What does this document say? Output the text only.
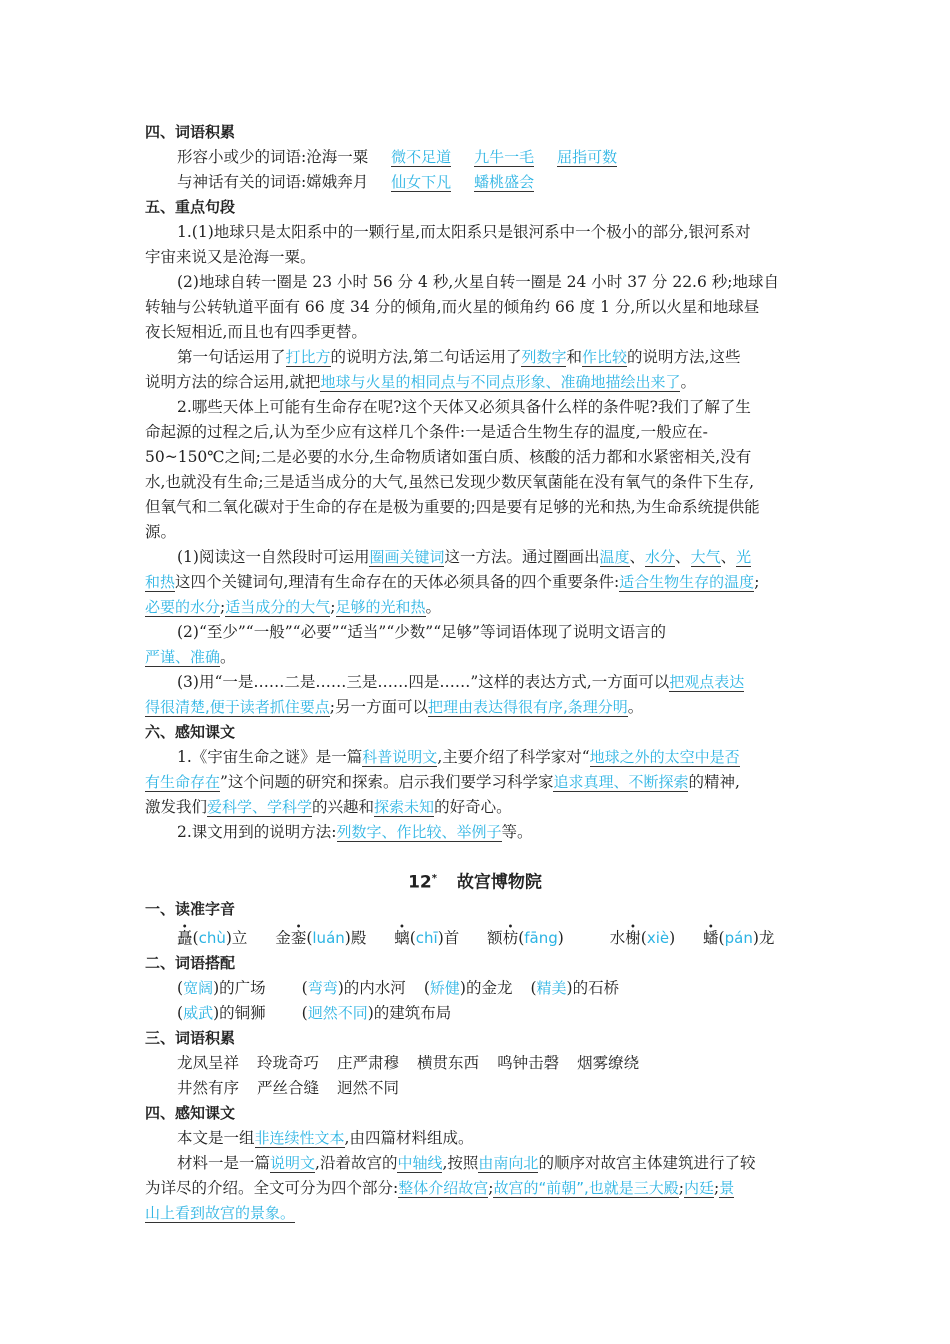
四、词语积累
形容小或少的词语:沧海一粟 微不足道 九牛一毛 屈指可数
与神话有关的词语:嫦娥奔月 仙女下凡 蟠桃盛会
五、重点句段
1.(1)地球只是太阳系中的一颗行星,而太阳系只是银河系中一个极小的部分,银河系对
宇宙来说又是沧海一粟。
(2)地球自转一圈是 23 小时 56 分 4 秒,火星自转一圈是 24 小时 37 分 22.6 秒;地球自
转轴与公转轨道平面有 66 度 34 分的倾角,而火星的倾角约 66 度 1 分,所以火星和地球昼
夜长短相近,而且也有四季更替。
第一句话运用了打比方的说明方法,第二句话运用了列数字和作比较的说明方法,这些
说明方法的综合运用,就把地球与火星的相同点与不同点形象、准确地描绘出来了。
2.哪些天体上可能有生命存在呢?这个天体又必须具备什么样的条件呢?我们了解了生
命起源的过程之后,认为至少应有这样几个条件:一是适合生物生存的温度,一般应在-
50~150℃之间;二是必要的水分,生命物质诸如蛋白质、核酸的活力都和水紧密相关,没有
水,也就没有生命;三是适当成分的大气,虽然已发现少数厌氧菌能在没有氧气的条件下生存,
但氧气和二氧化碳对于生命的存在是极为重要的;四是要有足够的光和热,为生命系统提供能
源。
(1)阅读这一自然段时可运用圈画关键词这一方法。通过圈画出温度、水分、大气、光
和热这四个关键词句,理清有生命存在的天体必须具备的四个重要条件:适合生物生存的温度;
必要的水分;适当成分的大气;足够的光和热。
(2)“至少”“一般”“必要”“适当”“少数”“足够”等词语体现了说明文语言的
严谨、准确。
(3)用“一是……二是……三是……四是……”这样的表达方式,一方面可以把观点表达
得很清楚,便于读者抓住要点;另一方面可以把理由表达得很有序,条理分明。
六、感知课文
1.《宇宙生命之谜》是一篇科普说明文,主要介绍了科学家对“地球之外的太空中是否
有生命存在”这个问题的研究和探索。启示我们要学习科学家追求真理、不断探索的精神,
激发我们爱科学、学科学的兴趣和探索未知的好奇心。
2.课文用到的说明方法:列数字、作比较、举例子等。
12* 故宫博物院
一、读准字音
矗(chù)立 金銮(luán)殿 螭(chī)首 额枋(fāng)	水榭(xiè) 蟠(pán)龙
二、词语搭配
(宽阔)的广场 (弯弯)的内水河 (矫健)的金龙 (精美)的石桥
(威武)的铜狮 (迥然不同)的建筑布局
三、词语积累
龙凤呈祥 玲珑奇巧 庄严肃穆 横贯东西 鸣钟击磬 烟雾缭绕
井然有序 严丝合缝 迥然不同
四、感知课文
本文是一组非连续性文本,由四篇材料组成。
材料一是一篇说明文,沿着故宫的中轴线,按照由南向北的顺序对故宫主体建筑进行了较
为详尽的介绍。全文可分为四个部分:整体介绍故宫;故宫的“前朝”,也就是三大殿;内廷;景
山上看到故宫的景象。
